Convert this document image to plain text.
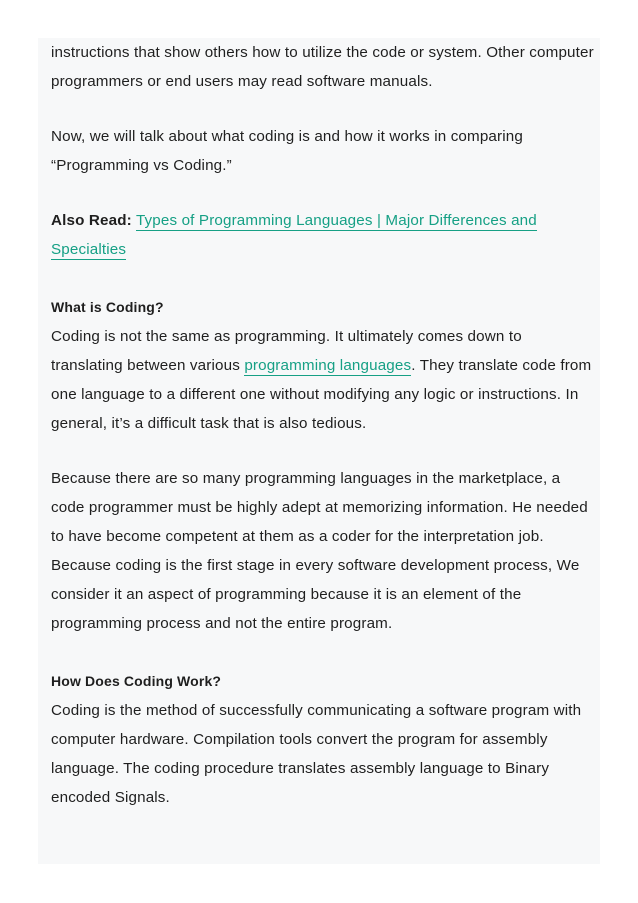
instructions that show others how to utilize the code or system. Other computer programmers or end users may read software manuals.

Now, we will talk about what coding is and how it works in comparing “Programming vs Coding.”

Also Read: Types of Programming Languages | Major Differences and Specialties

What is Coding?

Coding is not the same as programming. It ultimately comes down to translating between various programming languages. They translate code from one language to a different one without modifying any logic or instructions. In general, it’s a difficult task that is also tedious.

Because there are so many programming languages in the marketplace, a code programmer must be highly adept at memorizing information. He needed to have become competent at them as a coder for the interpretation job. Because coding is the first stage in every software development process, We consider it an aspect of programming because it is an element of the programming process and not the entire program.

How Does Coding Work?

Coding is the method of successfully communicating a software program with computer hardware. Compilation tools convert the program for assembly language. The coding procedure translates assembly language to Binary encoded Signals.
